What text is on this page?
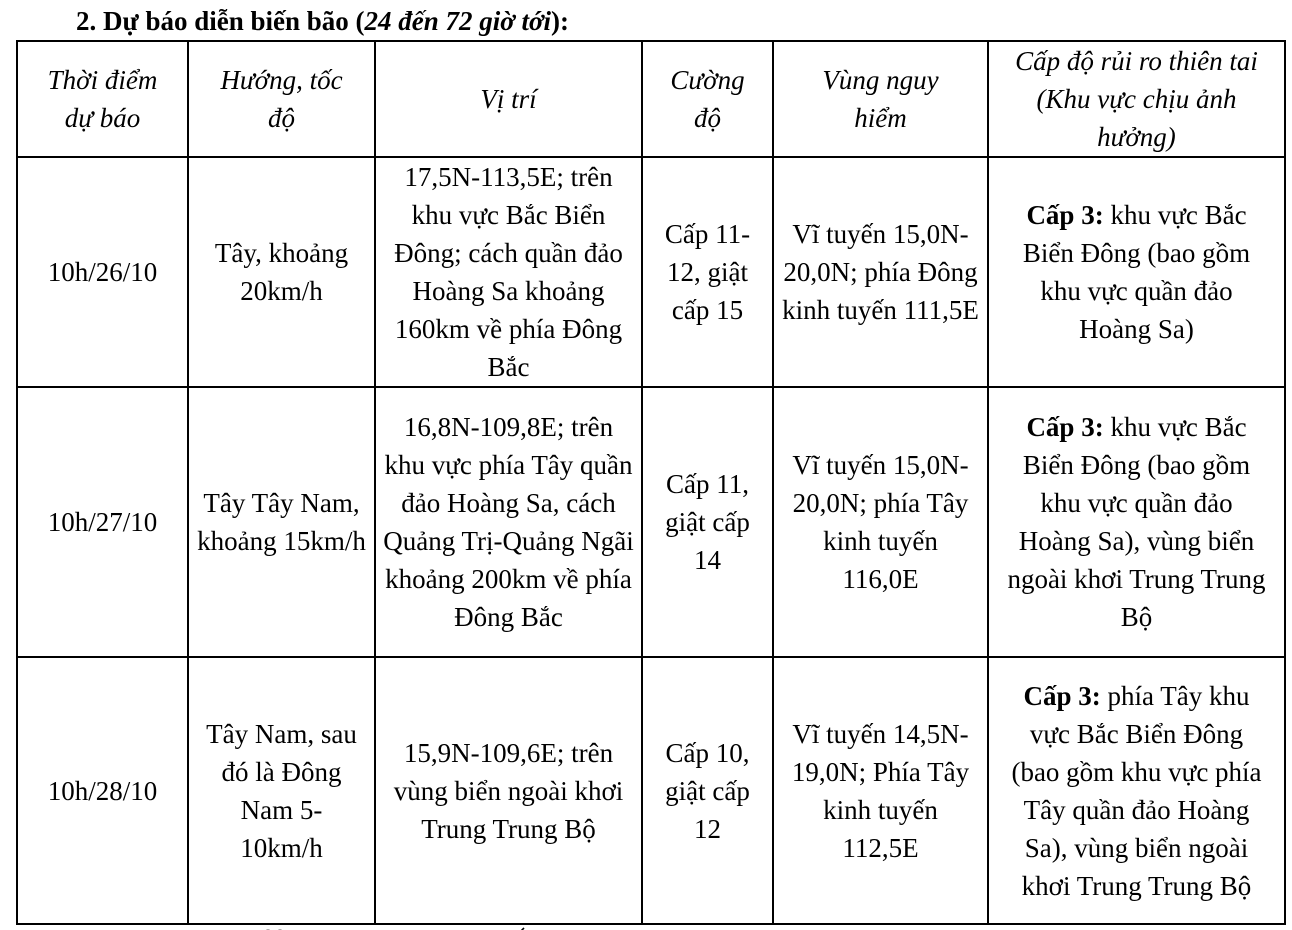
2. Dự báo diễn biến bão (24 đến 72 giờ tới):
Thời điểm dự báo	Hướng, tốc độ	Vị trí	Cường độ	Vùng nguy hiểm	Cấp độ rủi ro thiên tai (Khu vực chịu ảnh hưởng)
10h/26/10	Tây, khoảng 20km/h	17,5N-113,5E; trên khu vực Bắc Biển Đông; cách quần đảo Hoàng Sa khoảng 160km về phía Đông Bắc	Cấp 11-12, giật cấp 15	Vĩ tuyến 15,0N-20,0N; phía Đông kinh tuyến 111,5E	Cấp 3: khu vực Bắc Biển Đông (bao gồm khu vực quần đảo Hoàng Sa)
10h/27/10	Tây Tây Nam, khoảng 15km/h	16,8N-109,8E; trên khu vực phía Tây quần đảo Hoàng Sa, cách Quảng Trị-Quảng Ngãi khoảng 200km về phía Đông Bắc	Cấp 11, giật cấp 14	Vĩ tuyến 15,0N-20,0N; phía Tây kinh tuyến 116,0E	Cấp 3: khu vực Bắc Biển Đông (bao gồm khu vực quần đảo Hoàng Sa), vùng biển ngoài khơi Trung Trung Bộ
10h/28/10	Tây Nam, sau đó là Đông Nam 5-10km/h	15,9N-109,6E; trên vùng biển ngoài khơi Trung Trung Bộ	Cấp 10, giật cấp 12	Vĩ tuyến 14,5N-19,0N; Phía Tây kinh tuyến 112,5E	Cấp 3: phía Tây khu vực Bắc Biển Đông (bao gồm khu vực phía Tây quần đảo Hoàng Sa), vùng biển ngoài khơi Trung Trung Bộ
